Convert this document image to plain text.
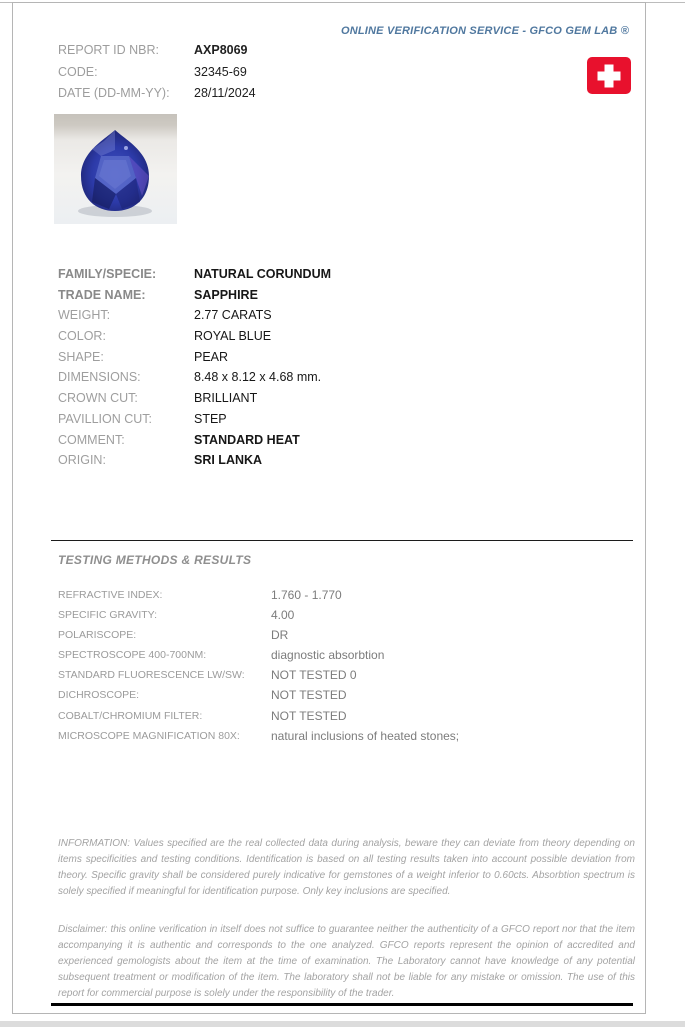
ONLINE VERIFICATION SERVICE - GFCO GEM LAB ®
REPORT ID NBR:	AXP8069
CODE:	32345-69
DATE (DD-MM-YY):	28/11/2024
FAMILY/SPECIE:	NATURAL CORUNDUM
TRADE NAME:	SAPPHIRE
WEIGHT:	2.77 CARATS
COLOR:	ROYAL BLUE
SHAPE:	PEAR
DIMENSIONS:	8.48 x 8.12 x 4.68 mm.
CROWN CUT:	BRILLIANT
PAVILLION CUT:	STEP
COMMENT:	STANDARD HEAT
ORIGIN:	SRI LANKA
TESTING METHODS & RESULTS
REFRACTIVE INDEX:	1.760 - 1.770
SPECIFIC GRAVITY:	4.00
POLARISCOPE:	DR
SPECTROSCOPE 400-700NM:	diagnostic absorbtion
STANDARD FLUORESCENCE LW/SW:	NOT TESTED 0
DICHROSCOPE:	NOT TESTED
COBALT/CHROMIUM FILTER:	NOT TESTED
MICROSCOPE MAGNIFICATION 80X:	natural inclusions of heated stones;
INFORMATION: Values specified are the real collected data during analysis, beware they can deviate from theory depending on items specificities and testing conditions. Identification is based on all testing results taken into account possible deviation from theory. Specific gravity shall be considered purely indicative for gemstones of a weight inferior to 0.60cts. Absorbtion spectrum is solely specified if meaningful for identification purpose. Only key inclusions are specified.
Disclaimer: this online verification in itself does not suffice to guarantee neither the authenticity of a GFCO report nor that the item accompanying it is authentic and corresponds to the one analyzed. GFCO reports represent the opinion of accredited and experienced gemologists about the item at the time of examination. The Laboratory cannot have knowledge of any potential subsequent treatment or modification of the item. The laboratory shall not be liable for any mistake or omission. The use of this report for commercial purpose is solely under the responsibility of the trader.
